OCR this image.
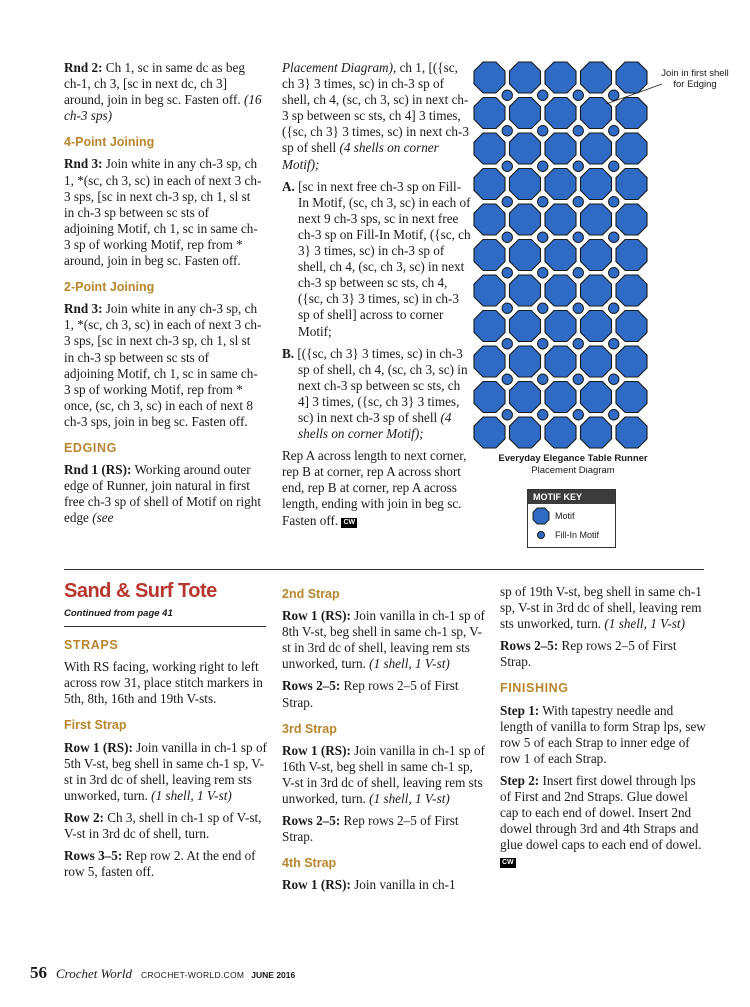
Rnd 2: Ch 1, sc in same dc as beg ch-1, ch 3, [sc in next dc, ch 3] around, join in beg sc. Fasten off. (16 ch-3 sps)

4-Point Joining

Rnd 3: Join white in any ch-3 sp, ch 1, *(sc, ch 3, sc) in each of next 3 ch-3 sps, [sc in next ch-3 sp, ch 1, sl st in ch-3 sp between sc sts of adjoining Motif, ch 1, sc in same ch-3 sp of working Motif, rep from * around, join in beg sc. Fasten off.

2-Point Joining

Rnd 3: Join white in any ch-3 sp, ch 1, *(sc, ch 3, sc) in each of next 3 ch-3 sps, [sc in next ch-3 sp, ch 1, sl st in ch-3 sp between sc sts of adjoining Motif, ch 1, sc in same ch-3 sp of working Motif, rep from * once, (sc, ch 3, sc) in each of next 8 ch-3 sps, join in beg sc. Fasten off.

EDGING

Rnd 1 (RS): Working around outer edge of Runner, join natural in first free ch-3 sp of shell of Motif on right edge (see

Placement Diagram), ch 1, [({sc, ch 3} 3 times, sc) in ch-3 sp of shell, ch 4, (sc, ch 3, sc) in next ch-3 sp between sc sts, ch 4] 3 times, ({sc, ch 3} 3 times, sc) in next ch-3 sp of shell (4 shells on corner Motif);

A. [sc in next free ch-3 sp on Fill-In Motif, (sc, ch 3, sc) in each of next 9 ch-3 sps, sc in next free ch-3 sp on Fill-In Motif, ({sc, ch 3} 3 times, sc) in ch-3 sp of shell, ch 4, (sc, ch 3, sc) in next ch-3 sp between sc sts, ch 4, ({sc, ch 3} 3 times, sc) in ch-3 sp of shell] across to corner Motif;

B. [({sc, ch 3} 3 times, sc) in ch-3 sp of shell, ch 4, (sc, ch 3, sc) in next ch-3 sp between sc sts, ch 4] 3 times, ({sc, ch 3} 3 times, sc) in next ch-3 sp of shell (4 shells on corner Motif);

Rep A across length to next corner, rep B at corner, rep A across short end, rep B at corner, rep A across length, ending with join in beg sc. Fasten off. CW

Join in first shell for Edging
Everyday Elegance Table Runner
Placement Diagram
MOTIF KEY
Motif
Fill-In Motif
Sand & Surf Tote
Continued from page 41
STRAPS

With RS facing, working right to left across row 31, place stitch markers in 5th, 8th, 16th and 19th V-sts.

First Strap

Row 1 (RS): Join vanilla in ch-1 sp of 5th V-st, beg shell in same ch-1 sp, V-st in 3rd dc of shell, leaving rem sts unworked, turn. (1 shell, 1 V-st)

Row 2: Ch 3, shell in ch-1 sp of V-st, V-st in 3rd dc of shell, turn.

Rows 3–5: Rep row 2. At the end of row 5, fasten off.

2nd Strap

Row 1 (RS): Join vanilla in ch-1 sp of 8th V-st, beg shell in same ch-1 sp, V-st in 3rd dc of shell, leaving rem sts unworked, turn. (1 shell, 1 V-st)

Rows 2–5: Rep rows 2–5 of First Strap.

3rd Strap

Row 1 (RS): Join vanilla in ch-1 sp of 16th V-st, beg shell in same ch-1 sp, V-st in 3rd dc of shell, leaving rem sts unworked, turn. (1 shell, 1 V-st)

Rows 2–5: Rep rows 2–5 of First Strap.

4th Strap

Row 1 (RS): Join vanilla in ch-1

sp of 19th V-st, beg shell in same ch-1 sp, V-st in 3rd dc of shell, leaving rem sts unworked, turn. (1 shell, 1 V-st)

Rows 2–5: Rep rows 2–5 of First Strap.

FINISHING

Step 1: With tapestry needle and length of vanilla to form Strap lps, sew row 5 of each Strap to inner edge of row 1 of each Strap.

Step 2: Insert first dowel through lps of First and 2nd Straps. Glue dowel cap to each end of dowel. Insert 2nd dowel through 3rd and 4th Straps and glue dowel caps to each end of dowel. CW

56 Crochet World CROCHET-WORLD.COM JUNE 2016
